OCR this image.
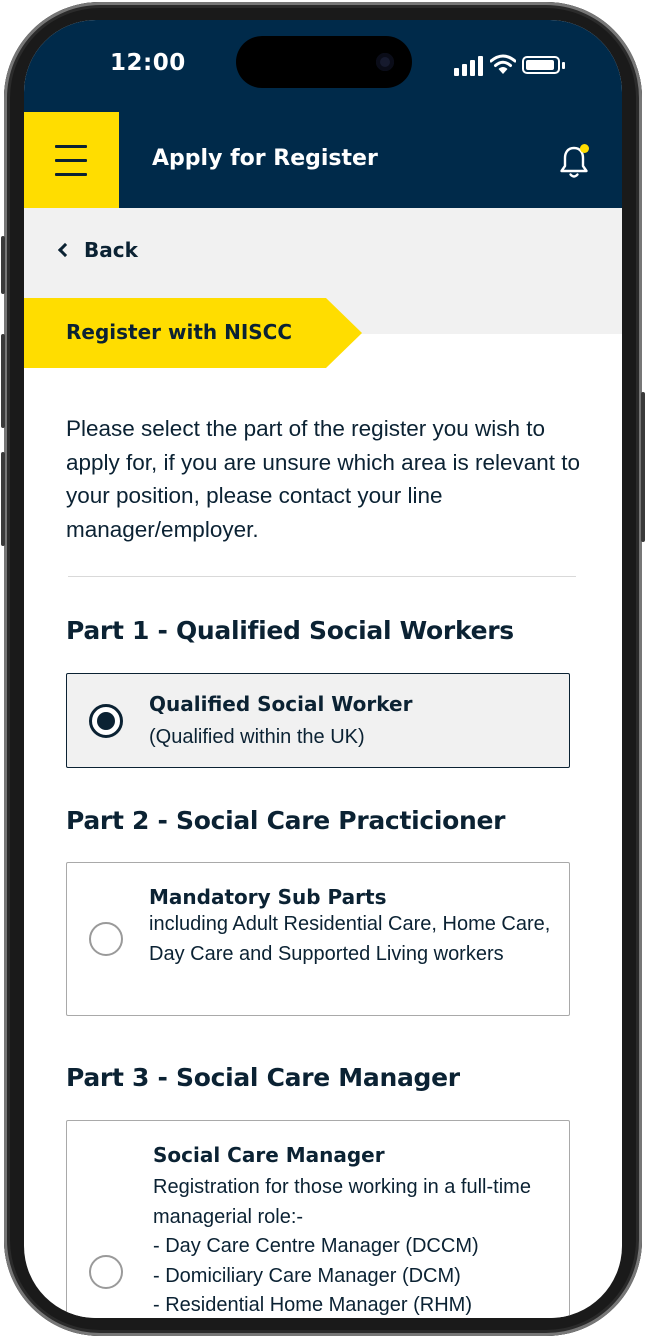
12:00
Apply for Register
Back
Register with NISCC

Please select the part of the register you wish to apply for, if you are unsure which area is relevant to your position, please contact your line manager/employer.

Part 1 - Qualified Social Workers
Qualified Social Worker
(Qualified within the UK)
Part 2 - Social Care Practicioner
Mandatory Sub Parts
including Adult Residential Care, Home Care, Day Care and Supported Living workers
Part 3 - Social Care Manager
Social Care Manager
Registration for those working in a full-time managerial role:-
- Day Care Centre Manager (DCCM)
- Domiciliary Care Manager (DCM)
- Residential Home Manager (RHM)
